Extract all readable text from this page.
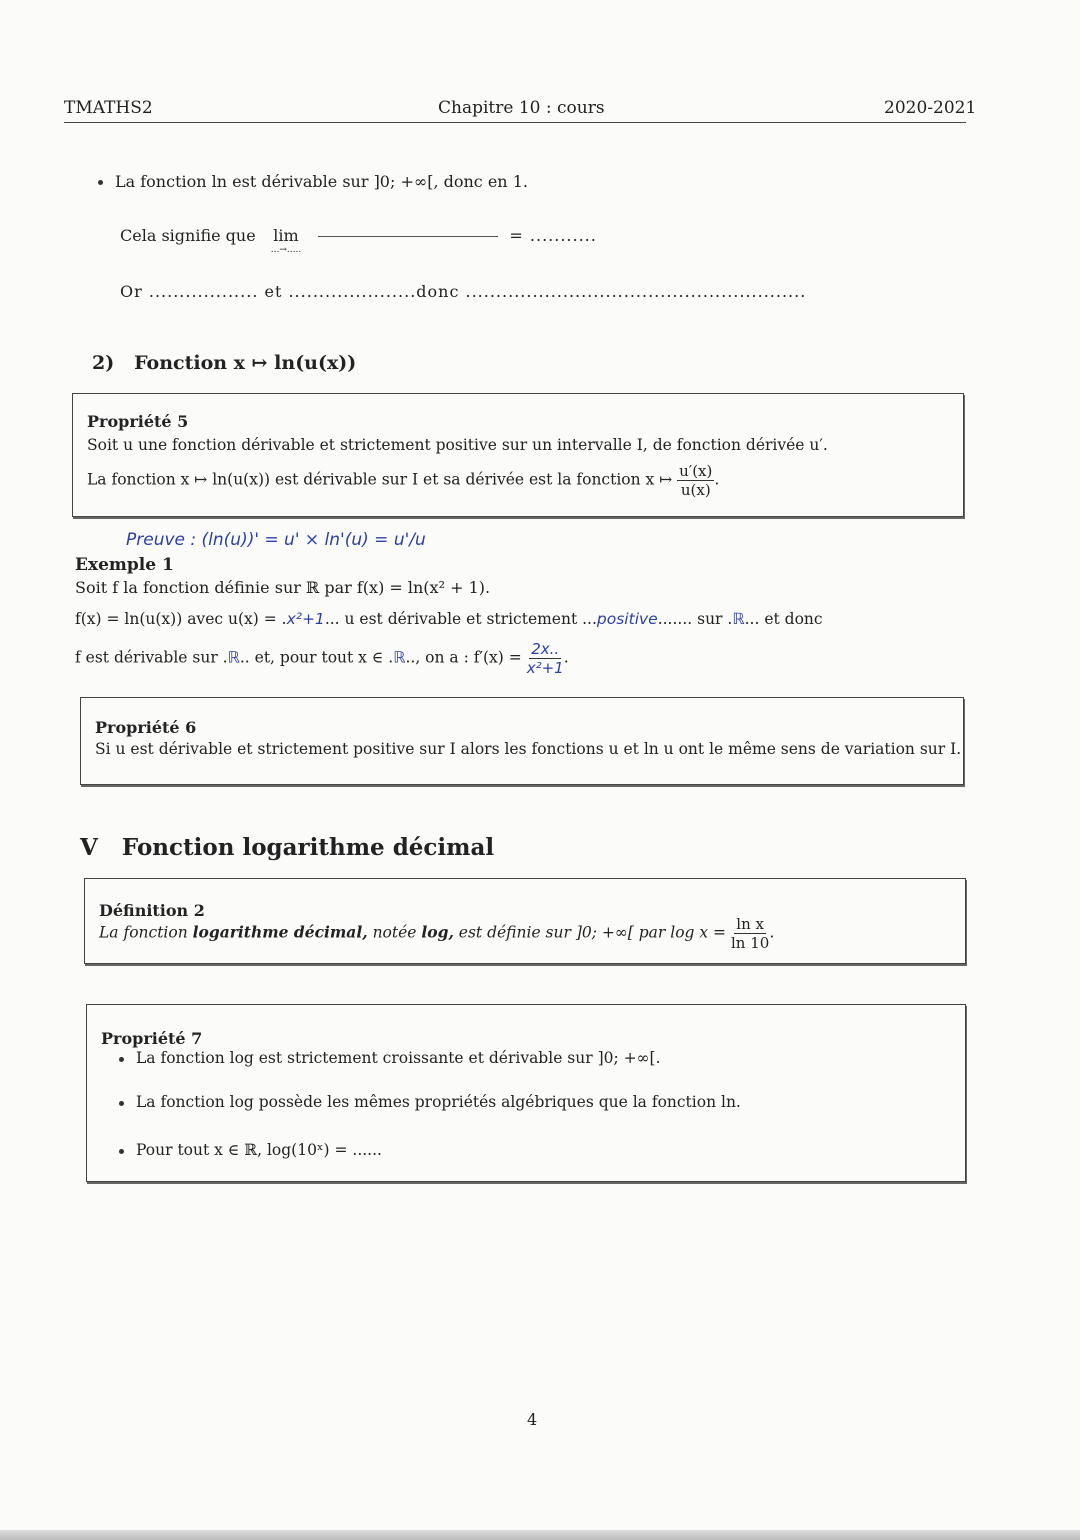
TMATHS2	Chapitre 10 : cours	2020-2021
La fonction ln est dérivable sur ]0; +∞[, donc en 1.
Cela signifie que lim
...→.....
= ...........
Or .................. et .....................donc ........................................................
2) Fonction x ↦ ln(u(x))
Propriété 5
Soit u une fonction dérivable et strictement positive sur un intervalle I, de fonction dérivée u′.
La fonction x ↦ ln(u(x)) est dérivable sur I et sa dérivée est la fonction x ↦ $\frac{u'(x)}{u(x)}$ .
Preuve : (ln(u))' = u' × ln'(u) = u'/u
Exemple 1
Soit f la fonction définie sur ℝ par f(x) = ln(x² + 1).
f(x) = ln(u(x)) avec u(x) = .x²+1... u est dérivable et strictement ...positive....... sur .ℝ... et donc
f est dérivable sur .ℝ.. et, pour tout x ∈ .ℝ.., on a : $f'(x) = \frac{2x..}{\text{x²+1}}$ .
Propriété 6
Si u est dérivable et strictement positive sur I alors les fonctions u et ln u ont le même sens de variation sur I.
V Fonction logarithme décimal
Définition 2
La fonction logarithme décimal, notée log, est définie sur ]0; +∞[ par $\log x = \frac{\text{ln x}}{\ln 10}$ .
Propriété 7
La fonction log est strictement croissante et dérivable sur ]0; +∞[.
La fonction log possède les mêmes propriétés algébriques que la fonction ln.
Pour tout x ∈ ℝ, log(10ˣ) = ......
4
